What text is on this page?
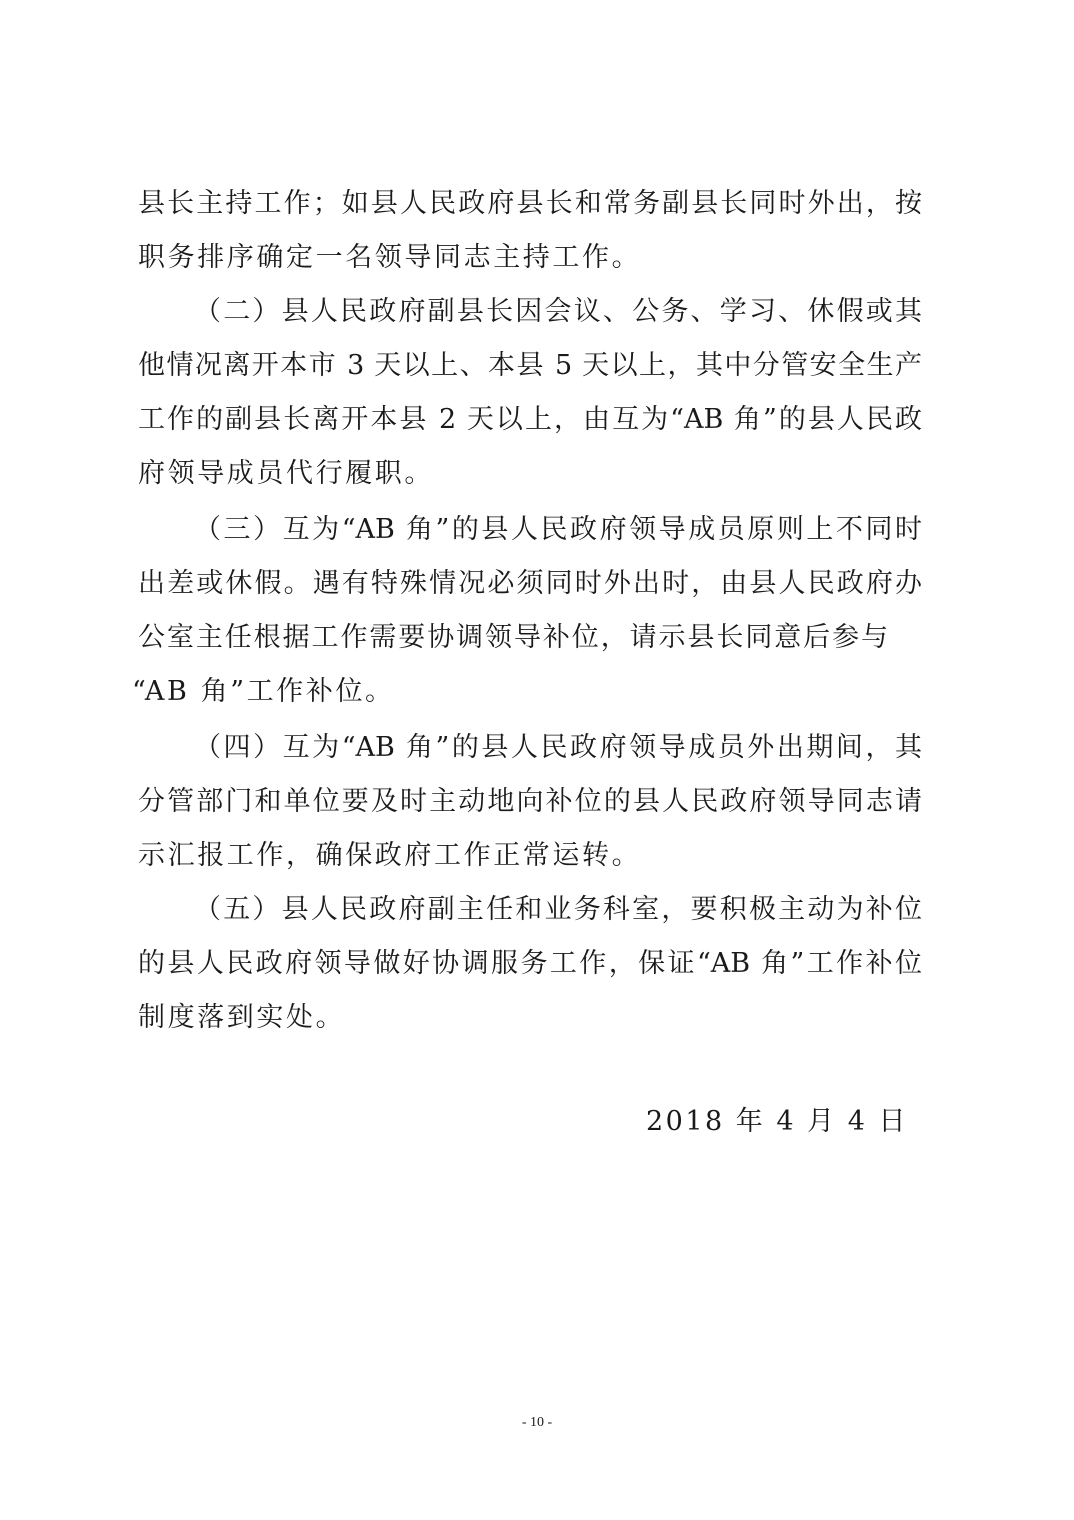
县长主持工作；如县人民政府县长和常务副县长同时外出，按
职务排序确定一名领导同志主持工作。
（二）县人民政府副县长因会议、公务、学习、休假或其
他情况离开本市 3 天以上、本县 5 天以上，其中分管安全生产
工作的副县长离开本县 2 天以上，由互为“AB 角”的县人民政
府领导成员代行履职。
（三）互为“AB 角”的县人民政府领导成员原则上不同时
出差或休假。遇有特殊情况必须同时外出时，由县人民政府办
公室主任根据工作需要协调领导补位，请示县长同意后参与
“AB 角”工作补位。
（四）互为“AB 角”的县人民政府领导成员外出期间，其
分管部门和单位要及时主动地向补位的县人民政府领导同志请
示汇报工作，确保政府工作正常运转。
（五）县人民政府副主任和业务科室，要积极主动为补位
的县人民政府领导做好协调服务工作，保证“AB 角”工作补位
制度落到实处。
2018 年 4 月 4 日
- 10 -
